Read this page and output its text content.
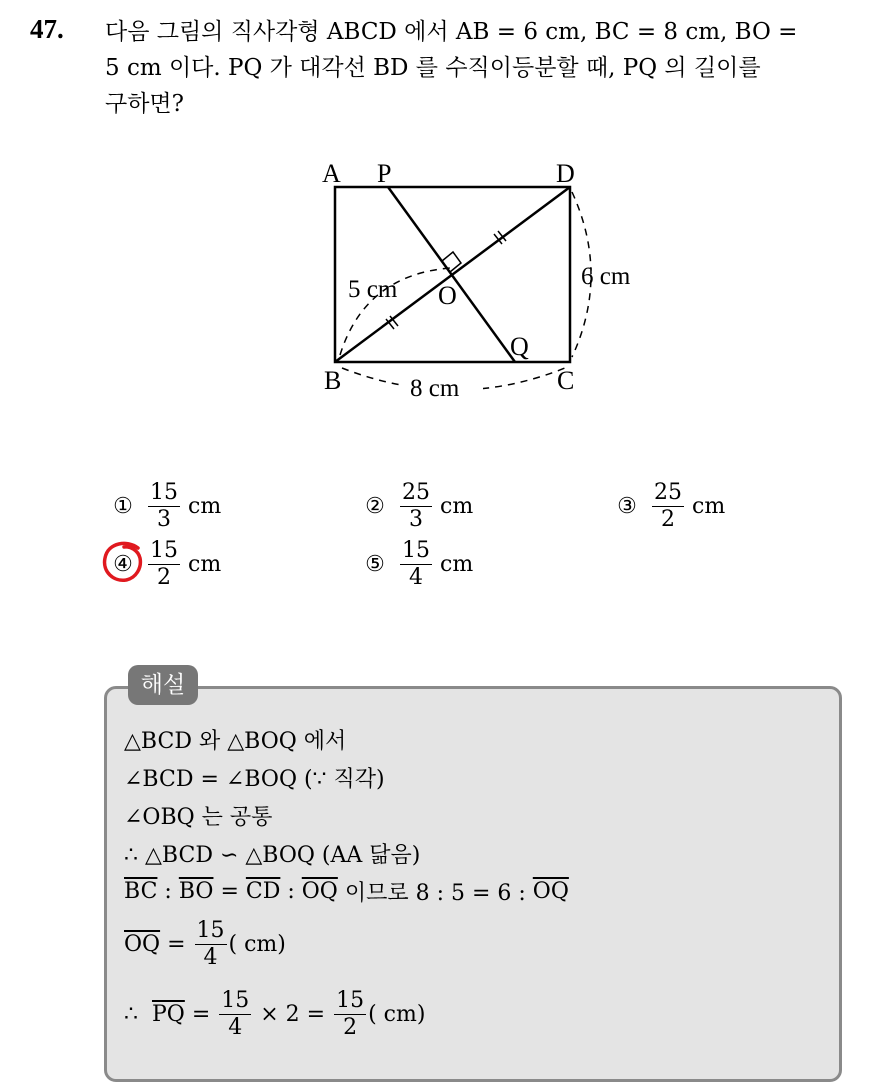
47. 다음 그림의 직사각형 ABCD 에서 AB = 6 cm, BC = 8 cm, BO =
5 cm 이다. PQ 가 대각선 BD 를 수직이등분할 때, PQ 의 길이를
구하면?
A P	D
O
Q
B	C
6 cm
5 cm
8 cm
① $\frac{15}{3}$ cm	② $\frac{25}{3}$ cm	③ $\frac{25}{2}$ cm
④ $\frac{15}{2}$ cm	⑤ $\frac{15}{4}$ cm
해설
△BCD 와 △BOQ 에서
∠BCD = ∠BOQ (∵ 직각)
∠OBQ 는 공통
∴ △BCD ∽ △BOQ (AA 닮음)
$\overline{BC}$ : $\overline{BO} = \overline{CD}$ : $\overline{OQ}$ 이므로 8 : 5 = 6 : $\overline{OQ}$
$\overline{OQ} = \frac{15}{4}$ ( cm)
∴ $\overline{PQ} = \frac{15}{4} \times 2 = \frac{15}{2}$ ( cm)
